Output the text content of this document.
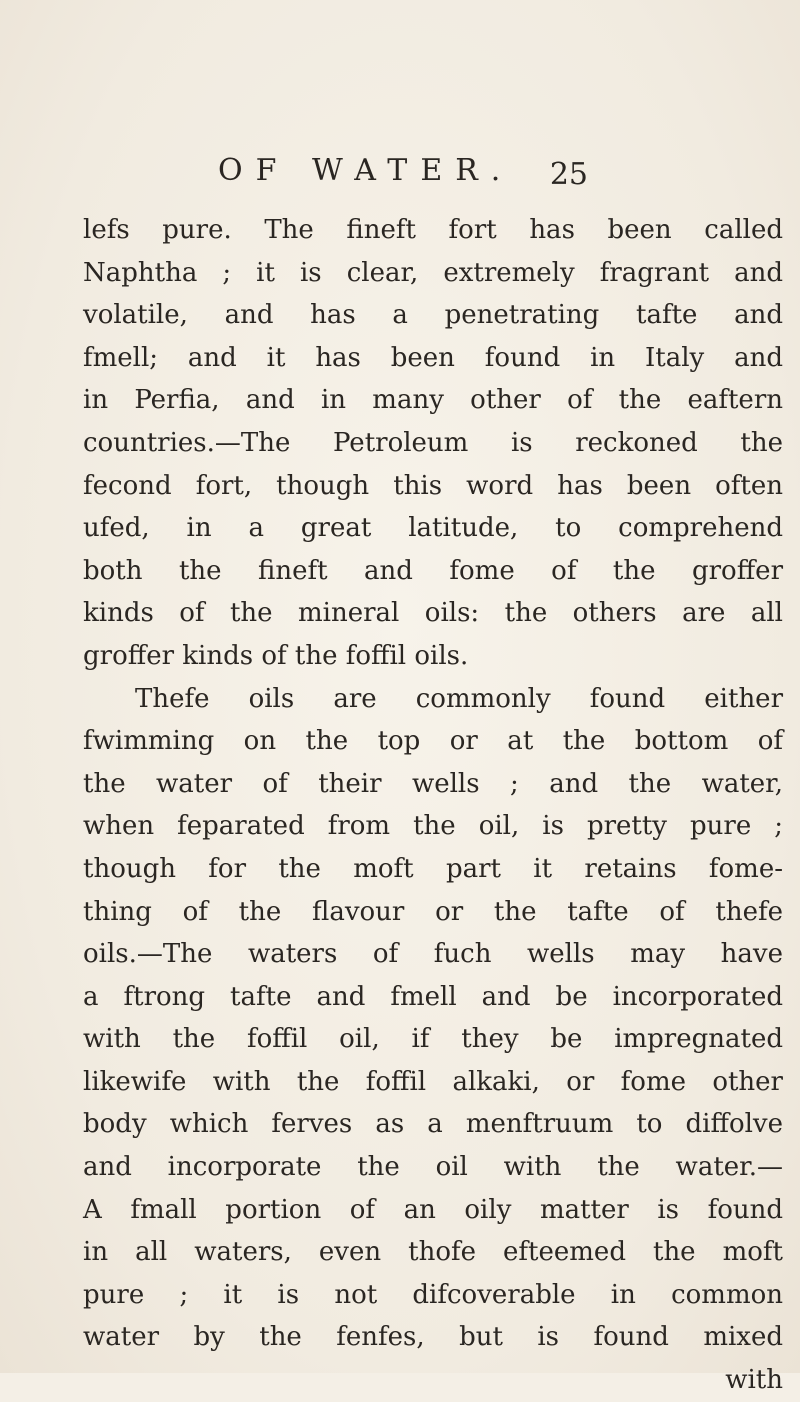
OF WATER. 25
lefs pure. The fineft fort has been called
Naphtha ; it is clear, extremely fragrant and
volatile, and has a penetrating tafte and
fmell; and it has been found in Italy and
in Perfia, and in many other of the eaftern
countries.—The Petroleum is reckoned the
fecond fort, though this word has been often
ufed, in a great latitude, to comprehend
both the fineft and fome of the groffer
kinds of the mineral oils: the others are all
groffer kinds of the foffil oils.
Thefe oils are commonly found either
fwimming on the top or at the bottom of
the water of their wells ; and the water,
when feparated from the oil, is pretty pure ;
though for the moft part it retains fome-
thing of the flavour or the tafte of thefe
oils.—The waters of fuch wells may have
a ftrong tafte and fmell and be incorporated
with the foffil oil, if they be impregnated
likewife with the foffil alkaki, or fome other
body which ferves as a menftruum to diffolve
and incorporate the oil with the water.—
A fmall portion of an oily matter is found
in all waters, even thofe efteemed the moft
pure ; it is not difcoverable in common
water by the fenfes, but is found mixed
with
